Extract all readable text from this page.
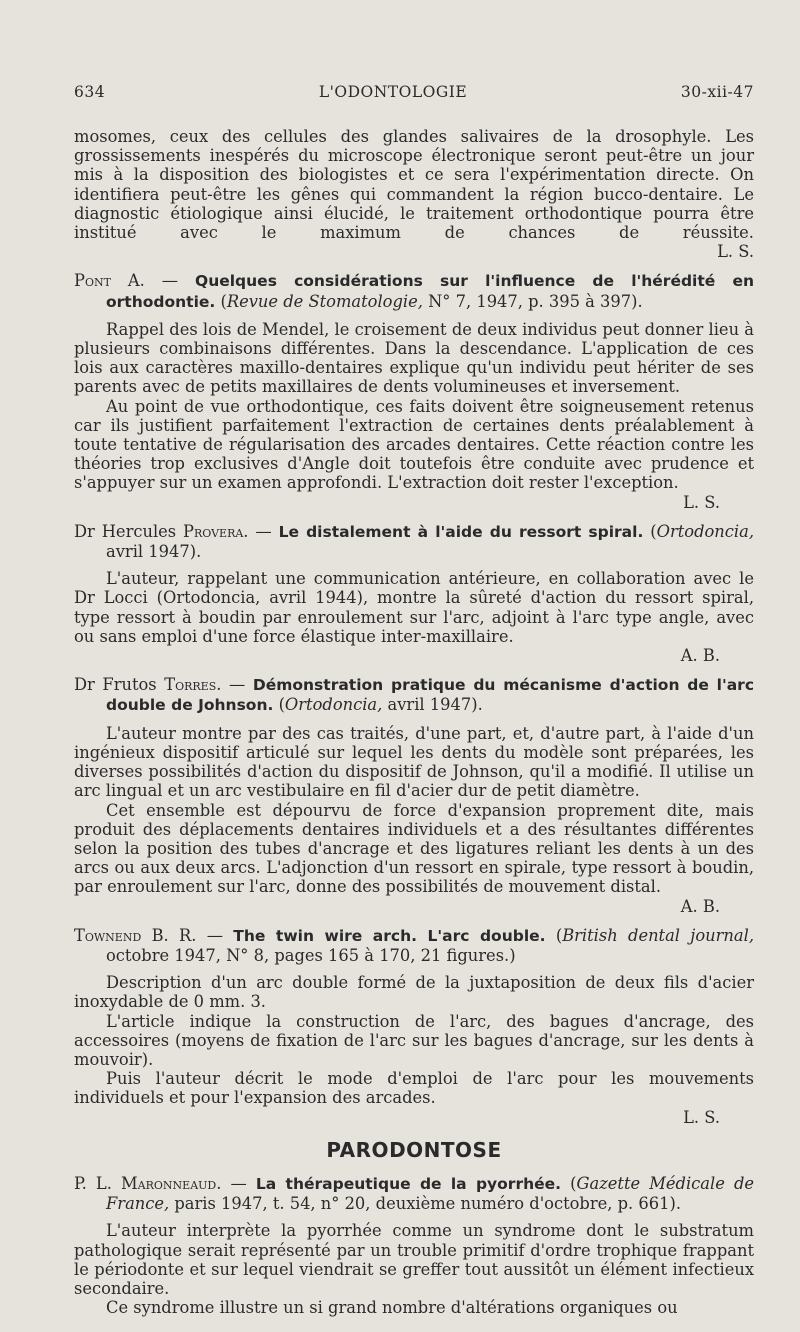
634	L'ODONTOLOGIE	30-xii-47

mosomes, ceux des cellules des glandes salivaires de la drosophyle. Les grossissements inespérés du microscope électronique seront peut-être un jour mis à la disposition des biologistes et ce sera l'expérimentation directe. On identifiera peut-être les gênes qui commandent la région bucco-dentaire. Le diagnostic étiologique ainsi élucidé, le traitement orthodontique pourra être institué avec le maximum de chances de réussite.

L. S.

Pont A. — Quelques considérations sur l'influence de l'hérédité en orthodontie. (Revue de Stomatologie, N° 7, 1947, p. 395 à 397).

Rappel des lois de Mendel, le croisement de deux individus peut donner lieu à plusieurs combinaisons différentes. Dans la descendance. L'application de ces lois aux caractères maxillo-dentaires explique qu'un individu peut hériter de ses parents avec de petits maxillaires de dents volumineuses et inversement.

Au point de vue orthodontique, ces faits doivent être soigneusement retenus car ils justifient parfaitement l'extraction de certaines dents préalablement à toute tentative de régularisation des arcades dentaires. Cette réaction contre les théories trop exclusives d'Angle doit toutefois être conduite avec prudence et s'appuyer sur un examen approfondi. L'extraction doit rester l'exception.

L. S.

Dr Hercules Provera. — Le distalement à l'aide du ressort spiral. (Ortodoncia, avril 1947).

L'auteur, rappelant une communication antérieure, en collaboration avec le Dr Locci (Ortodoncia, avril 1944), montre la sûreté d'action du ressort spiral, type ressort à boudin par enroulement sur l'arc, adjoint à l'arc type angle, avec ou sans emploi d'une force élastique inter-maxillaire.

A. B.

Dr Frutos Torres. — Démonstration pratique du mécanisme d'action de l'arc double de Johnson. (Ortodoncia, avril 1947).

L'auteur montre par des cas traités, d'une part, et, d'autre part, à l'aide d'un ingénieux dispositif articulé sur lequel les dents du modèle sont préparées, les diverses possibilités d'action du dispositif de Johnson, qu'il a modifié. Il utilise un arc lingual et un arc vestibulaire en fil d'acier dur de petit diamètre.

Cet ensemble est dépourvu de force d'expansion proprement dite, mais produit des déplacements dentaires individuels et a des résultantes différentes selon la position des tubes d'ancrage et des ligatures reliant les dents à un des arcs ou aux deux arcs. L'adjonction d'un ressort en spirale, type ressort à boudin, par enroulement sur l'arc, donne des possibilités de mouvement distal.

A. B.

Townend B. R. — The twin wire arch. L'arc double. (British dental journal, octobre 1947, N° 8, pages 165 à 170, 21 figures.)

Description d'un arc double formé de la juxtaposition de deux fils d'acier inoxydable de 0 mm. 3.

L'article indique la construction de l'arc, des bagues d'ancrage, des accessoires (moyens de fixation de l'arc sur les bagues d'ancrage, sur les dents à mouvoir).

Puis l'auteur décrit le mode d'emploi de l'arc pour les mouvements individuels et pour l'expansion des arcades.

L. S.
PARODONTOSE

P. L. Maronneaud. — La thérapeutique de la pyorrhée. (Gazette Médicale de France, paris 1947, t. 54, n° 20, deuxième numéro d'octobre, p. 661).

L'auteur interprète la pyorrhée comme un syndrome dont le substratum pathologique serait représenté par un trouble primitif d'ordre trophique frappant le périodonte et sur lequel viendrait se greffer tout aussitôt un élément infectieux secondaire.

Ce syndrome illustre un si grand nombre d'altérations organiques ou
